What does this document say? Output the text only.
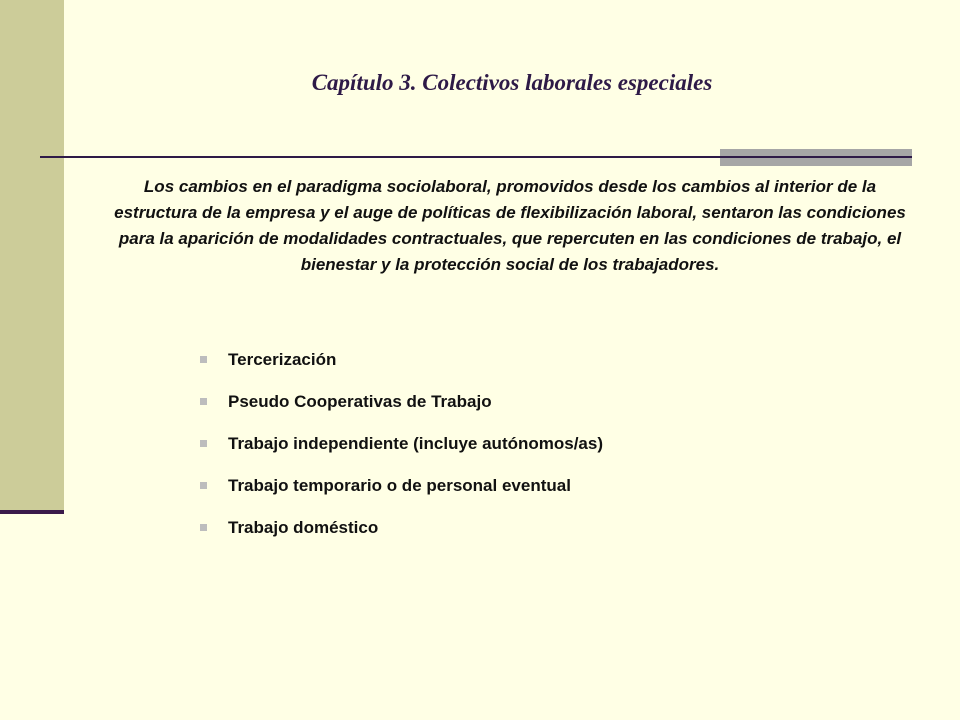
Capítulo 3. Colectivos laborales especiales

Los cambios en el paradigma sociolaboral, promovidos desde los cambios al interior de la estructura de la empresa y el auge de políticas de flexibilización laboral, sentaron las condiciones para la aparición de modalidades contractuales, que repercuten en las condiciones de trabajo, el bienestar y la protección social de los trabajadores.

Tercerización
Pseudo Cooperativas de Trabajo
Trabajo independiente (incluye autónomos/as)
Trabajo temporario o de personal eventual
Trabajo doméstico
